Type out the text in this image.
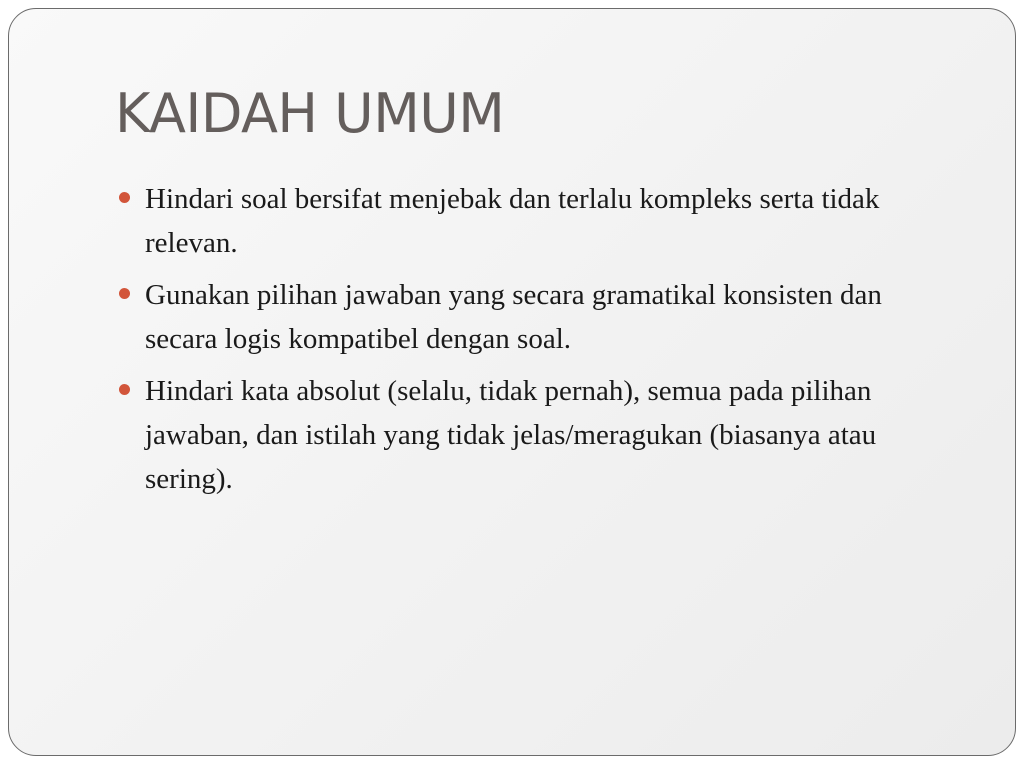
KAIDAH UMUM
Hindari soal bersifat menjebak dan terlalu kompleks serta tidak relevan.
Gunakan pilihan jawaban yang secara gramatikal konsisten dan secara logis kompatibel dengan soal.
Hindari kata absolut (selalu, tidak pernah), semua pada pilihan jawaban, dan istilah yang tidak jelas/meragukan (biasanya atau sering).
